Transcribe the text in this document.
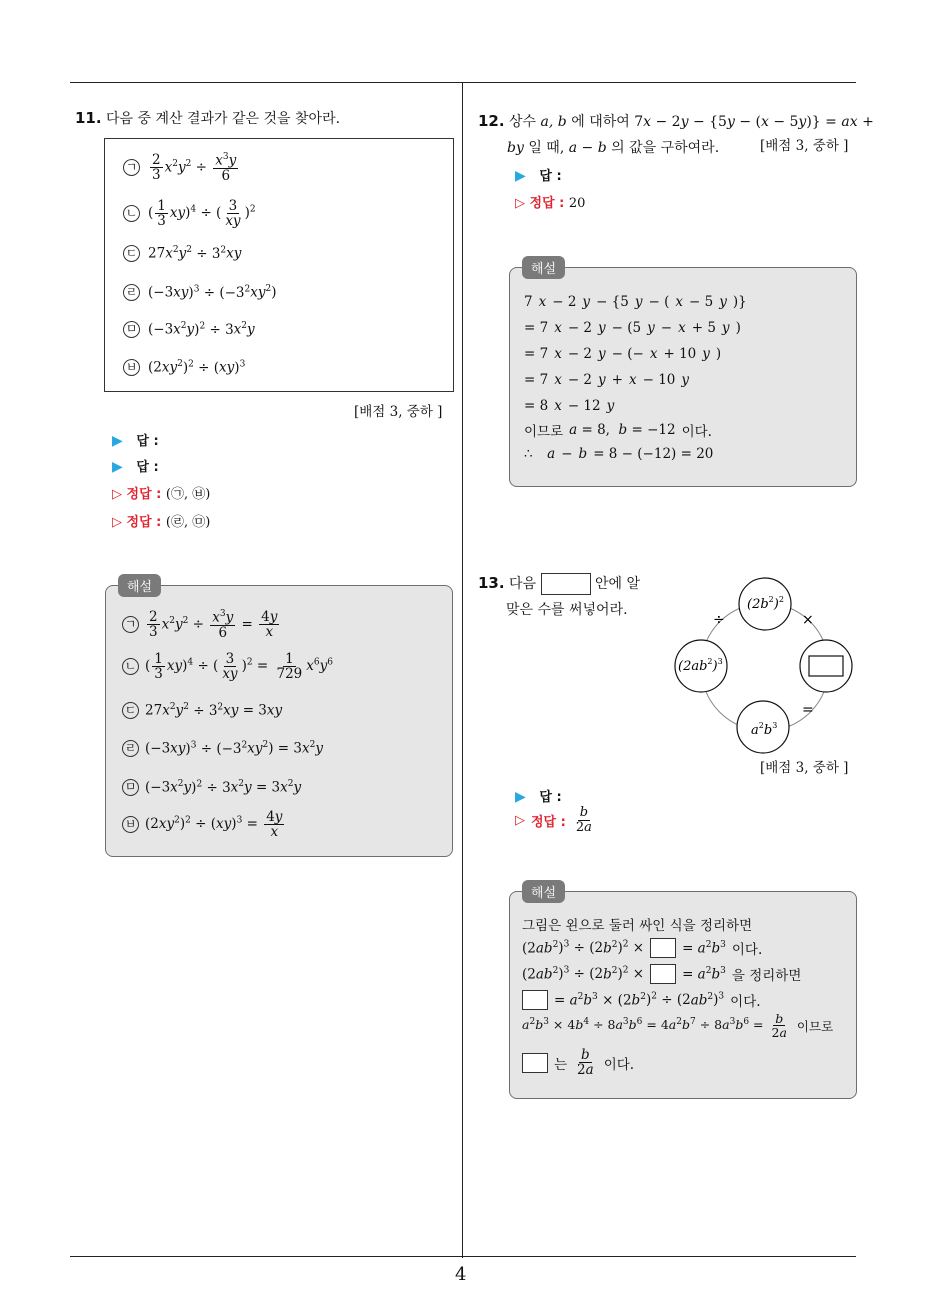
11. 다음 중 계산 결과가 같은 것을 찾아라.
ㄱ $\frac{2}{3} x^2y^2 \div \frac{x^3y}{6}$
ㄴ ( $\frac{1}{3} xy)^4$ ÷ ( $\frac{3}{xy} )^2$
ㄷ $27x^2y^2 \div 3^2xy$
ㄹ $(-3xy)^3 \div (-3^2xy^2)$
ㅁ $(-3x^2y)^2 \div 3x^2y$
ㅂ $(2xy^2)^2 \div (xy)^3$
[배점 3, 중하 ]
▶ 답 :
▶ 답 :
▷ 정답 : (㉠, ㉥)
▷ 정답 : (㉣, ㉤)
해설
ㄱ $\frac{2}{3} x^2y^2 \div \frac{x^3y}{6} = \frac{4y}{x}$
ㄴ ( $\frac{1}{3} xy)^4$ ÷ ( $\frac{3}{xy} )^2 = \frac{1}{729} x^6y^6$
ㄷ $27x^2y^2 \div 3^2xy = 3xy$
ㄹ $(-3xy)^3 \div (-3^2xy^2) = 3x^2y$
ㅁ $(-3x^2y)^2 \div 3x^2y = 3x^2y$
ㅂ $(2xy^2)^2 \div (xy)^3 = \frac{4y}{x}$
12. 상수 a, b 에 대하여 7x − 2y − {5y − (x − 5y)} = ax +
by 일 때, a − b 의 값을 구하여라.	[배점 3, 중하 ]
▶ 답 :
▷ 정답 : 20
해설
7 x − 2 y − {5 y − ( x − 5 y )}
= 7 x − 2 y − (5 y − x + 5 y )
= 7 x − 2 y − (− x + 10 y )
= 7 x − 2 y + x − 10 y
= 8 x − 12 y
이므로 a = 8,  b = −12 이다.
∴ a − b = 8 − (−12) = 20
13. 다음	안에 알
맞은 수를 써넣어라.	$(2b^2)^2$
$(2ab^2)^3$
$a^2b^3$
÷	×
=
[배점 3, 중하 ]
▶ 답 :
▷ 정답 : $\frac{b}{2a}$
해설
그림은 왼으로 둘러 싸인 식을 정리하면
$(2ab^2)^3 \div (2b^2)^2$ ×	= $a^2b^3$ 이다.
$(2ab^2)^3 \div (2b^2)^2$ ×	= $a^2b^3$ 을 정리하면
= $a^2b^3 \times (2b^2)^2 \div (2ab^2)^3$ 이다.
$a^2b^3 \times 4b^4 \div 8a^3b^6 = 4a^2b^7 \div 8a^3b^6 = \frac{b}{2a}$ 이므로
는 $\frac{b}{2a}$ 이다.
4
